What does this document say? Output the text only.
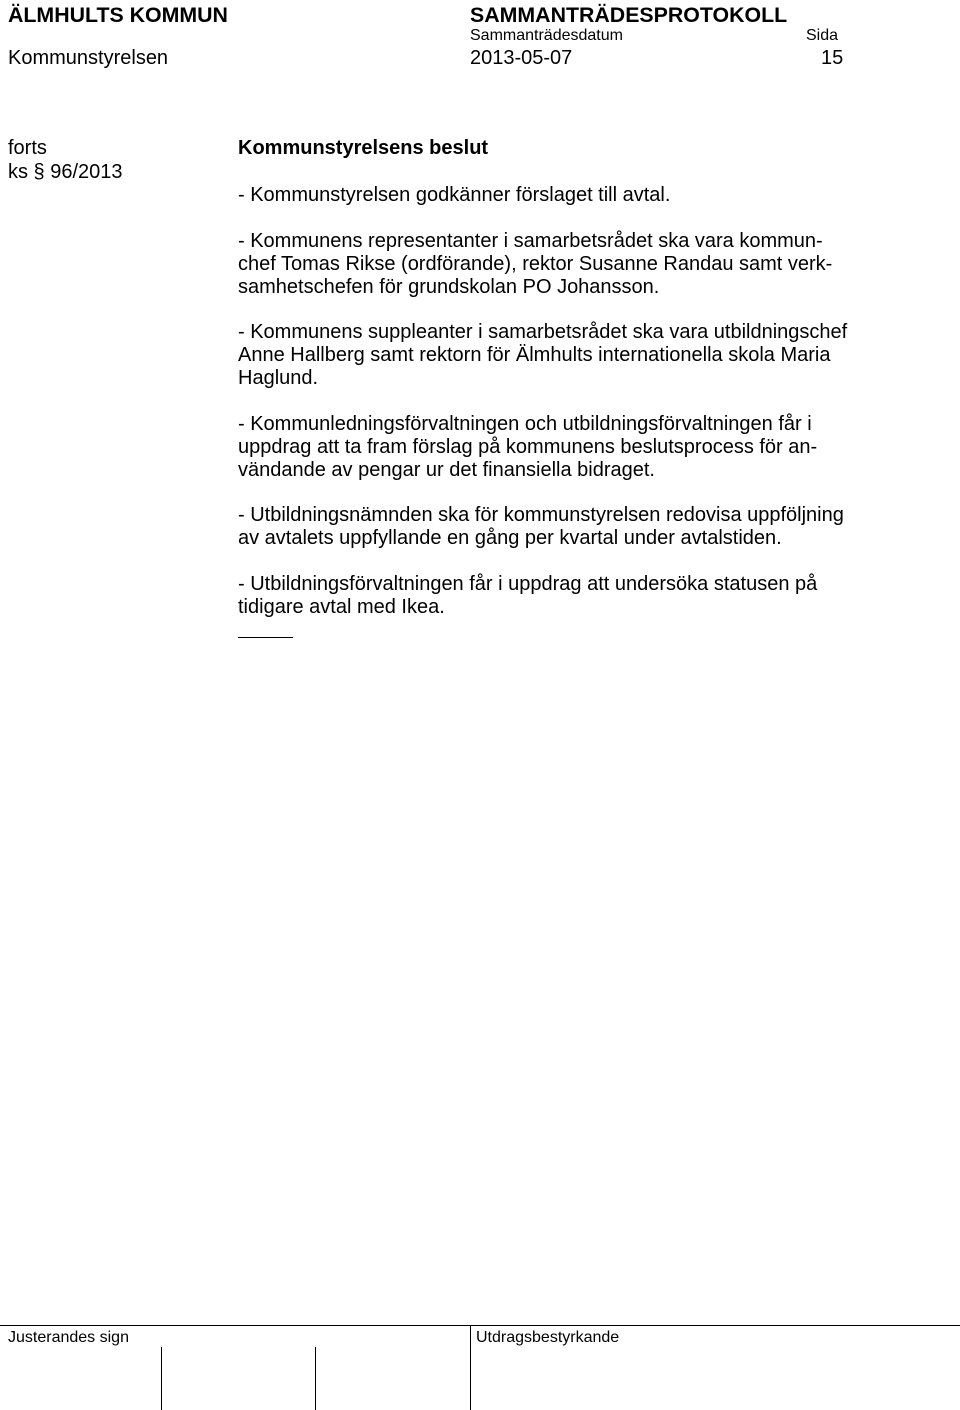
ÄLMHULTS KOMMUN	SAMMANTRÄDESPROTOKOLL
Sammanträdesdatum	Sida
Kommunstyrelsen	2013-05-07	15
forts
ks § 96/2013
Kommunstyrelsens beslut
- Kommunstyrelsen godkänner förslaget till avtal.
- Kommunens representanter i samarbetsrådet ska vara kommun-
chef Tomas Rikse (ordförande), rektor Susanne Randau samt verk-
samhetschefen för grundskolan PO Johansson.
- Kommunens suppleanter i samarbetsrådet ska vara utbildningschef
Anne Hallberg samt rektorn för Älmhults internationella skola Maria
Haglund.
- Kommunledningsförvaltningen och utbildningsförvaltningen får i
uppdrag att ta fram förslag på kommunens beslutsprocess för an-
vändande av pengar ur det finansiella bidraget.
- Utbildningsnämnden ska för kommunstyrelsen redovisa uppföljning
av avtalets uppfyllande en gång per kvartal under avtalstiden.
- Utbildningsförvaltningen får i uppdrag att undersöka statusen på
tidigare avtal med Ikea.
Justerandes sign	Utdragsbestyrkande
